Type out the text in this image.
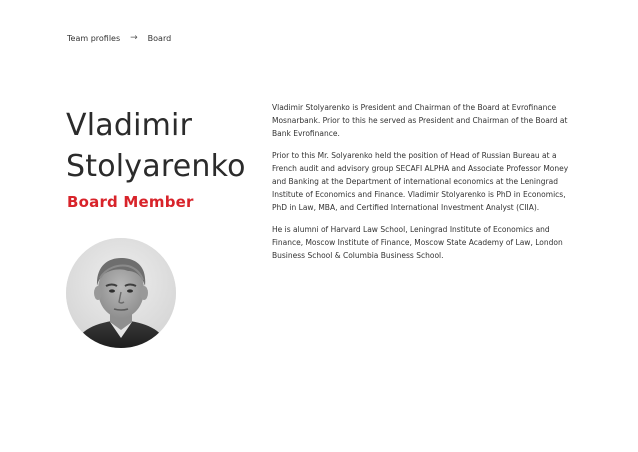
Team profiles → Board
Vladimir
Stolyarenko
Board Member

Vladimir Stolyarenko is President and Chairman of the Board at Evrofinance Mosnarbank. Prior to this he served as President and Chairman of the Board at Bank Evrofinance.

Prior to this Mr. Solyarenko held the position of Head of Russian Bureau at a French audit and advisory group SECAFI ALPHA and Associate Professor Money and Banking at the Department of international economics at the Leningrad Institute of Economics and Finance. Vladimir Stolyarenko is PhD in Economics, PhD in Law, MBA, and Certified International Investment Analyst (CIIA).

He is alumni of Harvard Law School, Leningrad Institute of Economics and Finance, Moscow Institute of Finance, Moscow State Academy of Law, London Business School & Columbia Business School.
